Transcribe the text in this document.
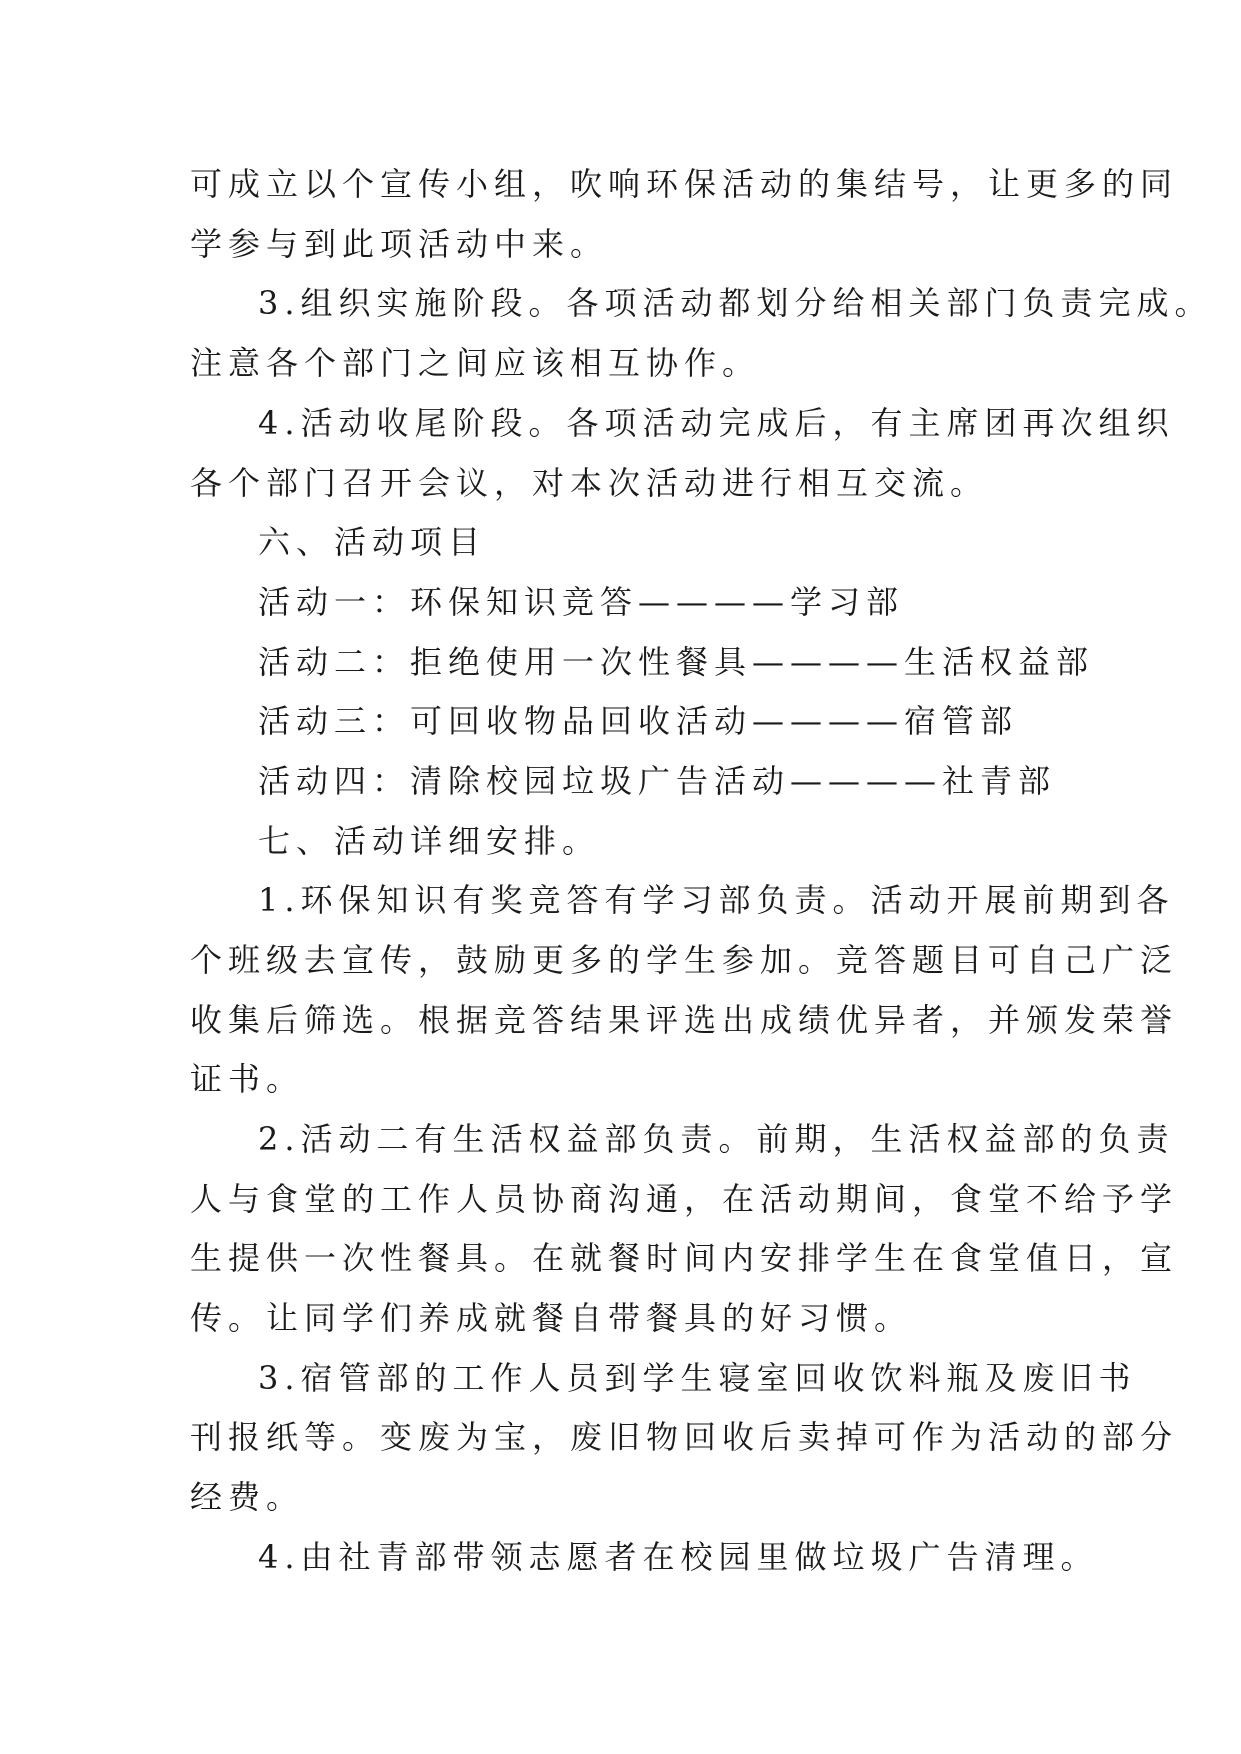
可成立以个宣传小组，吹响环保活动的集结号，让更多的同
学参与到此项活动中来。
3.组织实施阶段。各项活动都划分给相关部门负责完成。
注意各个部门之间应该相互协作。
4.活动收尾阶段。各项活动完成后，有主席团再次组织
各个部门召开会议，对本次活动进行相互交流。
六、活动项目
活动一：环保知识竞答————学习部
活动二：拒绝使用一次性餐具————生活权益部
活动三：可回收物品回收活动————宿管部
活动四：清除校园垃圾广告活动————社青部
七、活动详细安排。
1.环保知识有奖竞答有学习部负责。活动开展前期到各
个班级去宣传，鼓励更多的学生参加。竞答题目可自己广泛
收集后筛选。根据竞答结果评选出成绩优异者，并颁发荣誉
证书。
2.活动二有生活权益部负责。前期，生活权益部的负责
人与食堂的工作人员协商沟通，在活动期间，食堂不给予学
生提供一次性餐具。在就餐时间内安排学生在食堂值日，宣
传。让同学们养成就餐自带餐具的好习惯。
3.宿管部的工作人员到学生寝室回收饮料瓶及废旧书
刊报纸等。变废为宝，废旧物回收后卖掉可作为活动的部分
经费。
4.由社青部带领志愿者在校园里做垃圾广告清理。
